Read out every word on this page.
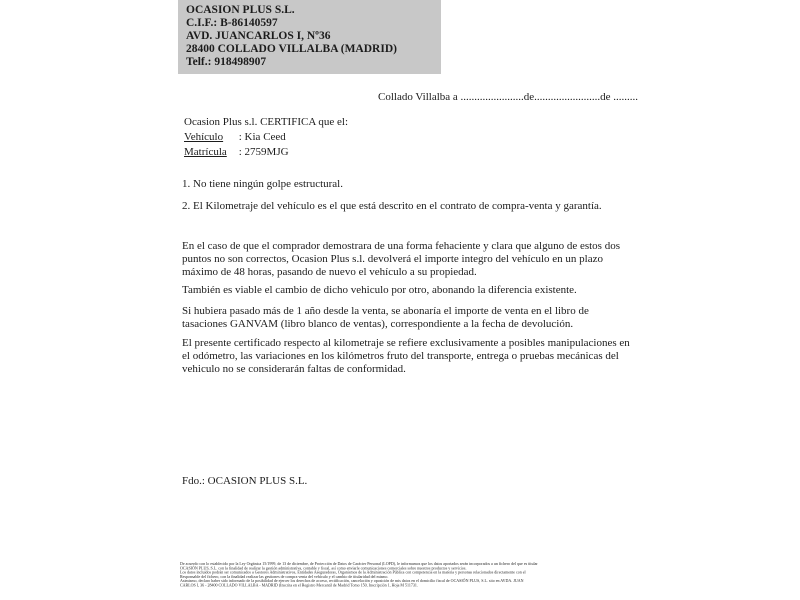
OCASION PLUS S.L.
C.I.F.: B-86140597
AVD. JUANCARLOS I, Nº36
28400 COLLADO VILLALBA (MADRID)
Telf.: 918498907
Collado Villalba a .......................de........................de .........
Ocasion Plus s.l. CERTIFICA que el:
Vehículo : Kia Ceed
Matrícula : 2759MJG
1. No tiene ningún golpe estructural.
2. El Kilometraje del vehículo es el que está descrito en el contrato de compra-venta y garantía.
En el caso de que el comprador demostrara de una forma fehaciente y clara que alguno de estos dos puntos no son correctos, Ocasion Plus s.l. devolverá el importe integro del vehículo en un plazo máximo de 48 horas, pasando de nuevo el vehículo a su propiedad.
También es viable el cambio de dicho vehiculo por otro, abonando la diferencia existente.
Si hubiera pasado más de 1 año desde la venta, se abonaría el importe de venta en el libro de tasaciones GANVAM (libro blanco de ventas), correspondiente a la fecha de devolución.
El presente certificado respecto al kilometraje se refiere exclusivamente a posibles manipulaciones en el odómetro, las variaciones en los kilómetros fruto del transporte, entrega o pruebas mecánicas del vehiculo no se considerarán faltas de conformidad.
Fdo.: OCASION PLUS S.L.
De acuerdo con lo establecido por la Ley Orgánica 15/1999, de 13 de diciembre, de Protección de Datos de Carácter Personal (LOPD), le informamos que los datos aportados serán incorporados a un fichero del que es titular
OCASIÓN PLUS, S.L. con la finalidad de realizar la gestión administrativa, contable y fiscal, así como enviarle comunicaciones comerciales sobre nuestros productos y servicios.
Los datos incluidos podrán ser comunicados a Gestores Administrativos, Entidades Aseguradoras, Organismos de la Administración Pública con competencia en la materia y personas relacionados directamente con el
Responsable del fichero, con la finalidad realizar las gestiones de compra venta del vehículo y el cambio de titularidad del mismo.
Asimismo, declaro haber sido informado de la posibilidad de ejercer los derechos de acceso, rectificación, cancelación y oposición de mis datos en el domicilio fiscal de OCASIÓN PLUS, S.L. sito en AVDA. JUAN
CARLOS I, 36 - 28400 COLLADO VILLALBA - MADRID (Inscrita en el Registro Mercantil de Madrid Tomo 150, Inscripción 1, Hoja M 511731.
